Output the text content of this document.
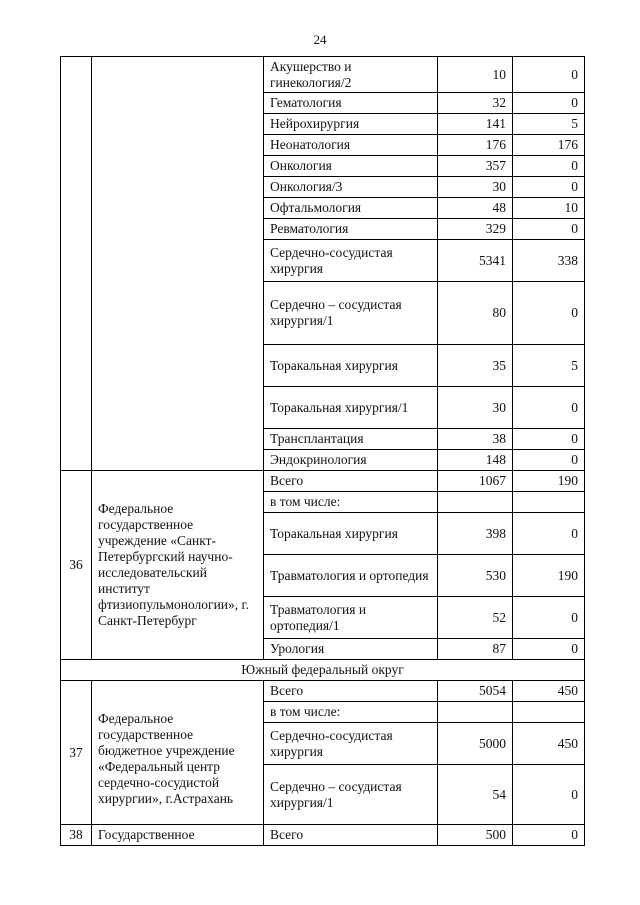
24
		Акушерство и гинекология/2	10	0
		Гематология	32	0
		Нейрохирургия	141	5
		Неонатология	176	176
		Онкология	357	0
		Онкология/3	30	0
		Офтальмология	48	10
		Ревматология	329	0
		Сердечно-сосудистая хирургия	5341	338
		Сердечно – сосудистая хирургия/1	80	0
		Торакальная хирургия	35	5
		Торакальная хирургия/1	30	0
		Трансплантация	38	0
		Эндокринология	148	0
36	Федеральное государственное учреждение «Санкт-Петербургский научно-исследовательский институт фтизиопульмонологии», г. Санкт-Петербург	Всего	1067	190
		в том числе:		
		Торакальная хирургия	398	0
		Травматология и ортопедия	530	190
		Травматология и ортопедия/1	52	0
		Урология	87	0
Южный федеральный округ				
37	Федеральное государственное бюджетное учреждение «Федеральный центр сердечно-сосудистой хирургии», г.Астрахань	Всего	5054	450
		в том числе:		
		Сердечно-сосудистая хирургия	5000	450
		Сердечно – сосудистая хирургия/1	54	0
38	Государственное	Всего	500	0
